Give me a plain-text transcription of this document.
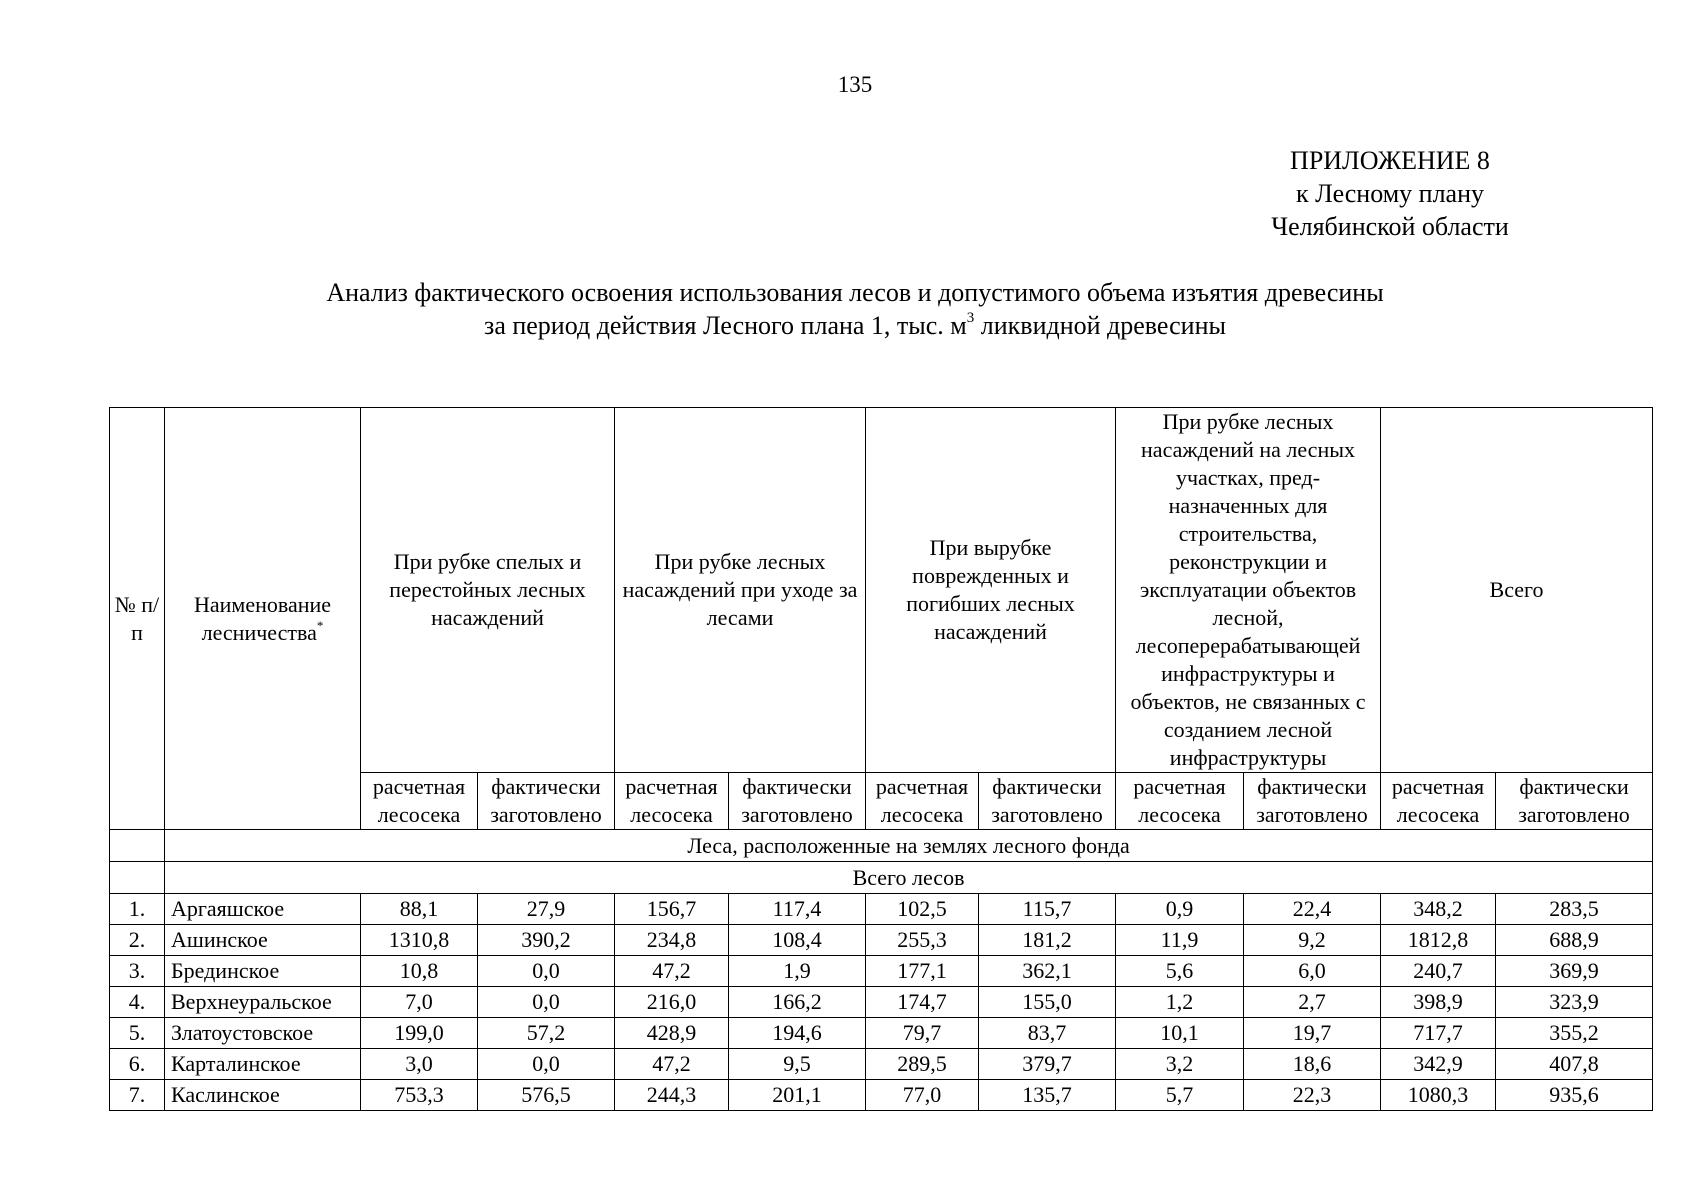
135
ПРИЛОЖЕНИЕ 8
к Лесному плану
Челябинской области
Анализ фактического освоения использования лесов и допустимого объема изъятия древесины
за период действия Лесного плана 1, тыс. $м^3$ ликвидной древесины
№ п/п	Наименование лесничества*	При рубке спелых и перестойных лесных насаждений		При рубке лесных насаждений при уходе за лесами		При вырубке поврежденных и погибших лесных насаждений		При рубке лесных насаждений на лесных участках, пред-назначенных для строительства, реконструкции и эксплуатации объектов лесной, лесоперерабатывающей инфраструктуры и объектов, не связанных с созданием лесной инфраструктуры		Всего	
		расчетная лесосека	фактически заготовлено	расчетная лесосека	фактически заготовлено	расчетная лесосека	фактически заготовлено	расчетная лесосека	фактически заготовлено	расчетная лесосека	фактически заготовлено
	Леса, расположенные на землях лесного фонда										
	Всего лесов										
1.	Аргаяшское	88,1	27,9	156,7	117,4	102,5	115,7	0,9	22,4	348,2	283,5
2.	Ашинское	1310,8	390,2	234,8	108,4	255,3	181,2	11,9	9,2	1812,8	688,9
3.	Брединское	10,8	0,0	47,2	1,9	177,1	362,1	5,6	6,0	240,7	369,9
4.	Верхнеуральское	7,0	0,0	216,0	166,2	174,7	155,0	1,2	2,7	398,9	323,9
5.	Златоустовское	199,0	57,2	428,9	194,6	79,7	83,7	10,1	19,7	717,7	355,2
6.	Карталинское	3,0	0,0	47,2	9,5	289,5	379,7	3,2	18,6	342,9	407,8
7.	Каслинское	753,3	576,5	244,3	201,1	77,0	135,7	5,7	22,3	1080,3	935,6
